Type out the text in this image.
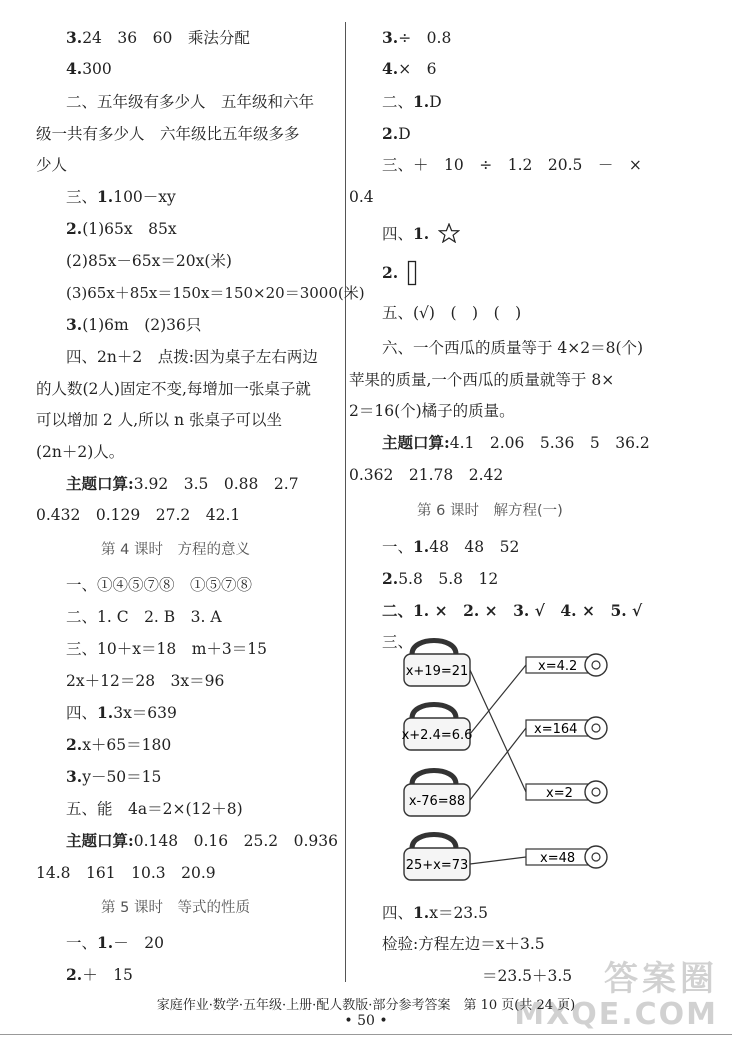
3.24　36　60　乘法分配
4.300
二、五年级有多少人　五年级和六年
级一共有多少人　六年级比五年级多多
少人
三、1.100－xy
2.(1)65x　85x
(2)85x－65x＝20x(米)
(3)65x＋85x＝150x＝150×20＝3000(米)
3.(1)6m　(2)36只
四、2n＋2　点拨:因为桌子左右两边
的人数(2人)固定不变,每增加一张桌子就
可以增加 2 人,所以 n 张桌子可以坐
(2n＋2)人。
主题口算:3.92　3.5　0.88　2.7
0.432　0.129　27.2　42.1
第 4 课时　方程的意义
一、①④⑤⑦⑧　①⑤⑦⑧
二、1. C　2. B　3. A
三、10＋x＝18　m＋3＝15
2x＋12＝28　3x＝96
四、1.3x＝639
2.x＋65＝180
3.y－50＝15
五、能　4a＝2×(12＋8)
主题口算:0.148　0.16　25.2　0.936
14.8　161　10.3　20.9
第 5 课时　等式的性质
一、1.－　20
2.＋　15
3.÷　0.8
4.×　6
二、1.D
2.D
三、＋　10　÷　1.2　20.5　－　×
0.4
四、1.
2.
五、(√)　(　)　(　)
六、一个西瓜的质量等于 4×2＝8(个)
苹果的质量,一个西瓜的质量就等于 8×
2＝16(个)橘子的质量。
主题口算:4.1　2.06　5.36　5　36.2
0.362　21.78　2.42
第 6 课时　解方程(一)
一、1.48　48　52
2.5.8　5.8　12
二、1. ×　2. ×　3. √　4. ×　5. √
三、
x+19=21
x+2.4=6.6
x-76=88
25+x=73
x=4.2
x=164
x=2
x=48
四、1.x＝23.5
检验:方程左边＝x＋3.5
＝23.5＋3.5 答案圈
MXQE.COM
家庭作业·数学·五年级·上册·配人教版·部分参考答案　第 10 页(共 24 页)
• 50 •
